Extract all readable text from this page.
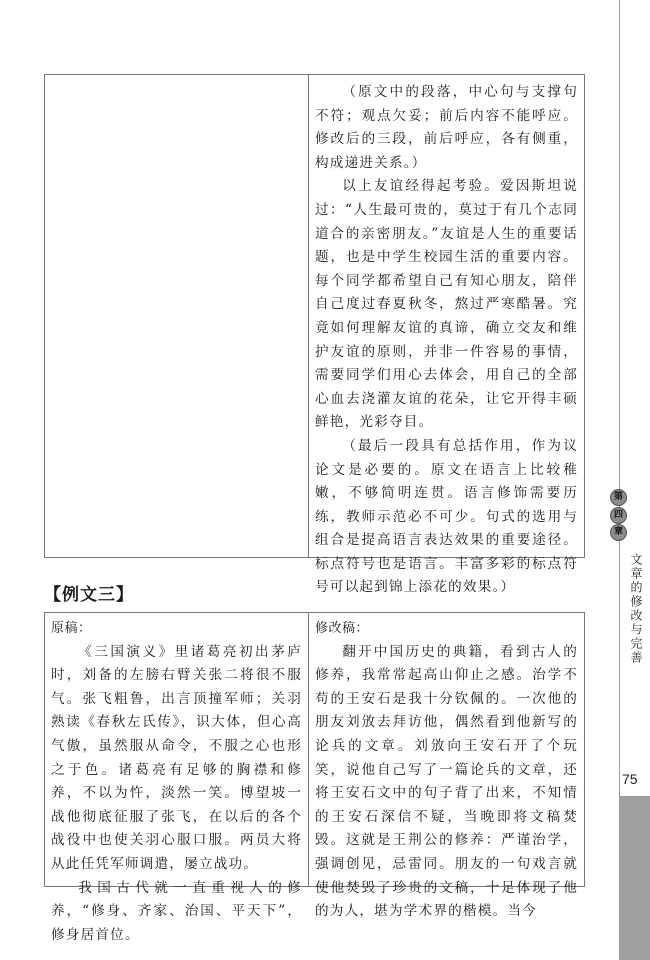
（原文中的段落，中心句与支撑句不符；观点欠妥；前后内容不能呼应。修改后的三段，前后呼应，各有侧重，构成递进关系。）

以上友谊经得起考验。爱因斯坦说过：“人生最可贵的，莫过于有几个志同道合的亲密朋友。”友谊是人生的重要话题，也是中学生校园生活的重要内容。每个同学都希望自己有知心朋友，陪伴自己度过春夏秋冬，熬过严寒酷暑。究竟如何理解友谊的真谛，确立交友和维护友谊的原则，并非一件容易的事情，需要同学们用心去体会，用自己的全部心血去浇灌友谊的花朵，让它开得丰硕鲜艳，光彩夺目。

（最后一段具有总括作用，作为议论文是必要的。原文在语言上比较稚嫩，不够简明连贯。语言修饰需要历练，教师示范必不可少。句式的选用与组合是提高语言表达效果的重要途径。标点符号也是语言。丰富多彩的标点符号可以起到锦上添花的效果。）

【例文三】

原稿：

《三国演义》里诸葛亮初出茅庐时，刘备的左膀右臂关张二将很不服气。张飞粗鲁，出言顶撞军师；关羽熟读《春秋左氏传》，识大体，但心高气傲，虽然服从命令，不服之心也形之于色。诸葛亮有足够的胸襟和修养，不以为忤，淡然一笑。博望坡一战他彻底征服了张飞，在以后的各个战役中也使关羽心服口服。两员大将从此任凭军师调遣，屡立战功。

我国古代就一直重视人的修养，“修身、齐家、治国、平天下”，修身居首位。

修改稿：

翻开中国历史的典籍，看到古人的修养，我常常起高山仰止之感。治学不苟的王安石是我十分钦佩的。一次他的朋友刘攽去拜访他，偶然看到他新写的论兵的文章。刘攽向王安石开了个玩笑，说他自己写了一篇论兵的文章，还将王安石文中的句子背了出来，不知情的王安石深信不疑，当晚即将文稿焚毁。这就是王荆公的修养：严谨治学，强调创见，忌雷同。朋友的一句戏言就使他焚毁了珍贵的文稿，十足体现了他的为人，堪为学术界的楷模。当今

第
四
章
文章的修改与完善
75
